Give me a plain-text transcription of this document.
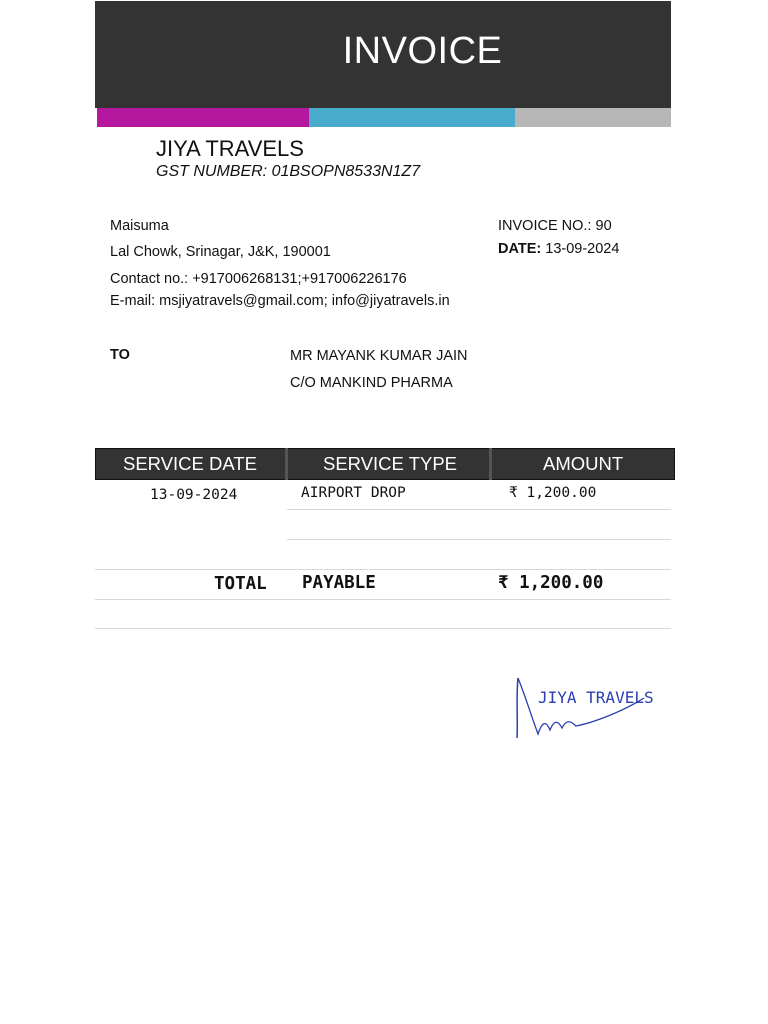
INVOICE
JIYA TRAVELS
GST NUMBER: 01BSOPN8533N1Z7
Maisuma
Lal Chowk, Srinagar, J&K, 190001
Contact no.: +917006268131;+917006226176
E-mail: msjiyatravels@gmail.com; info@jiyatravels.in
INVOICE NO.: 90
DATE: 13-09-2024
TO	MR MAYANK KUMAR JAIN
C/O MANKIND PHARMA
SERVICE DATE	SERVICE TYPE	AMOUNT
13-09-2024	AIRPORT DROP	₹ 1,200.00
TOTAL PAYABLE	₹ 1,200.00
JIYA TRAVELS
